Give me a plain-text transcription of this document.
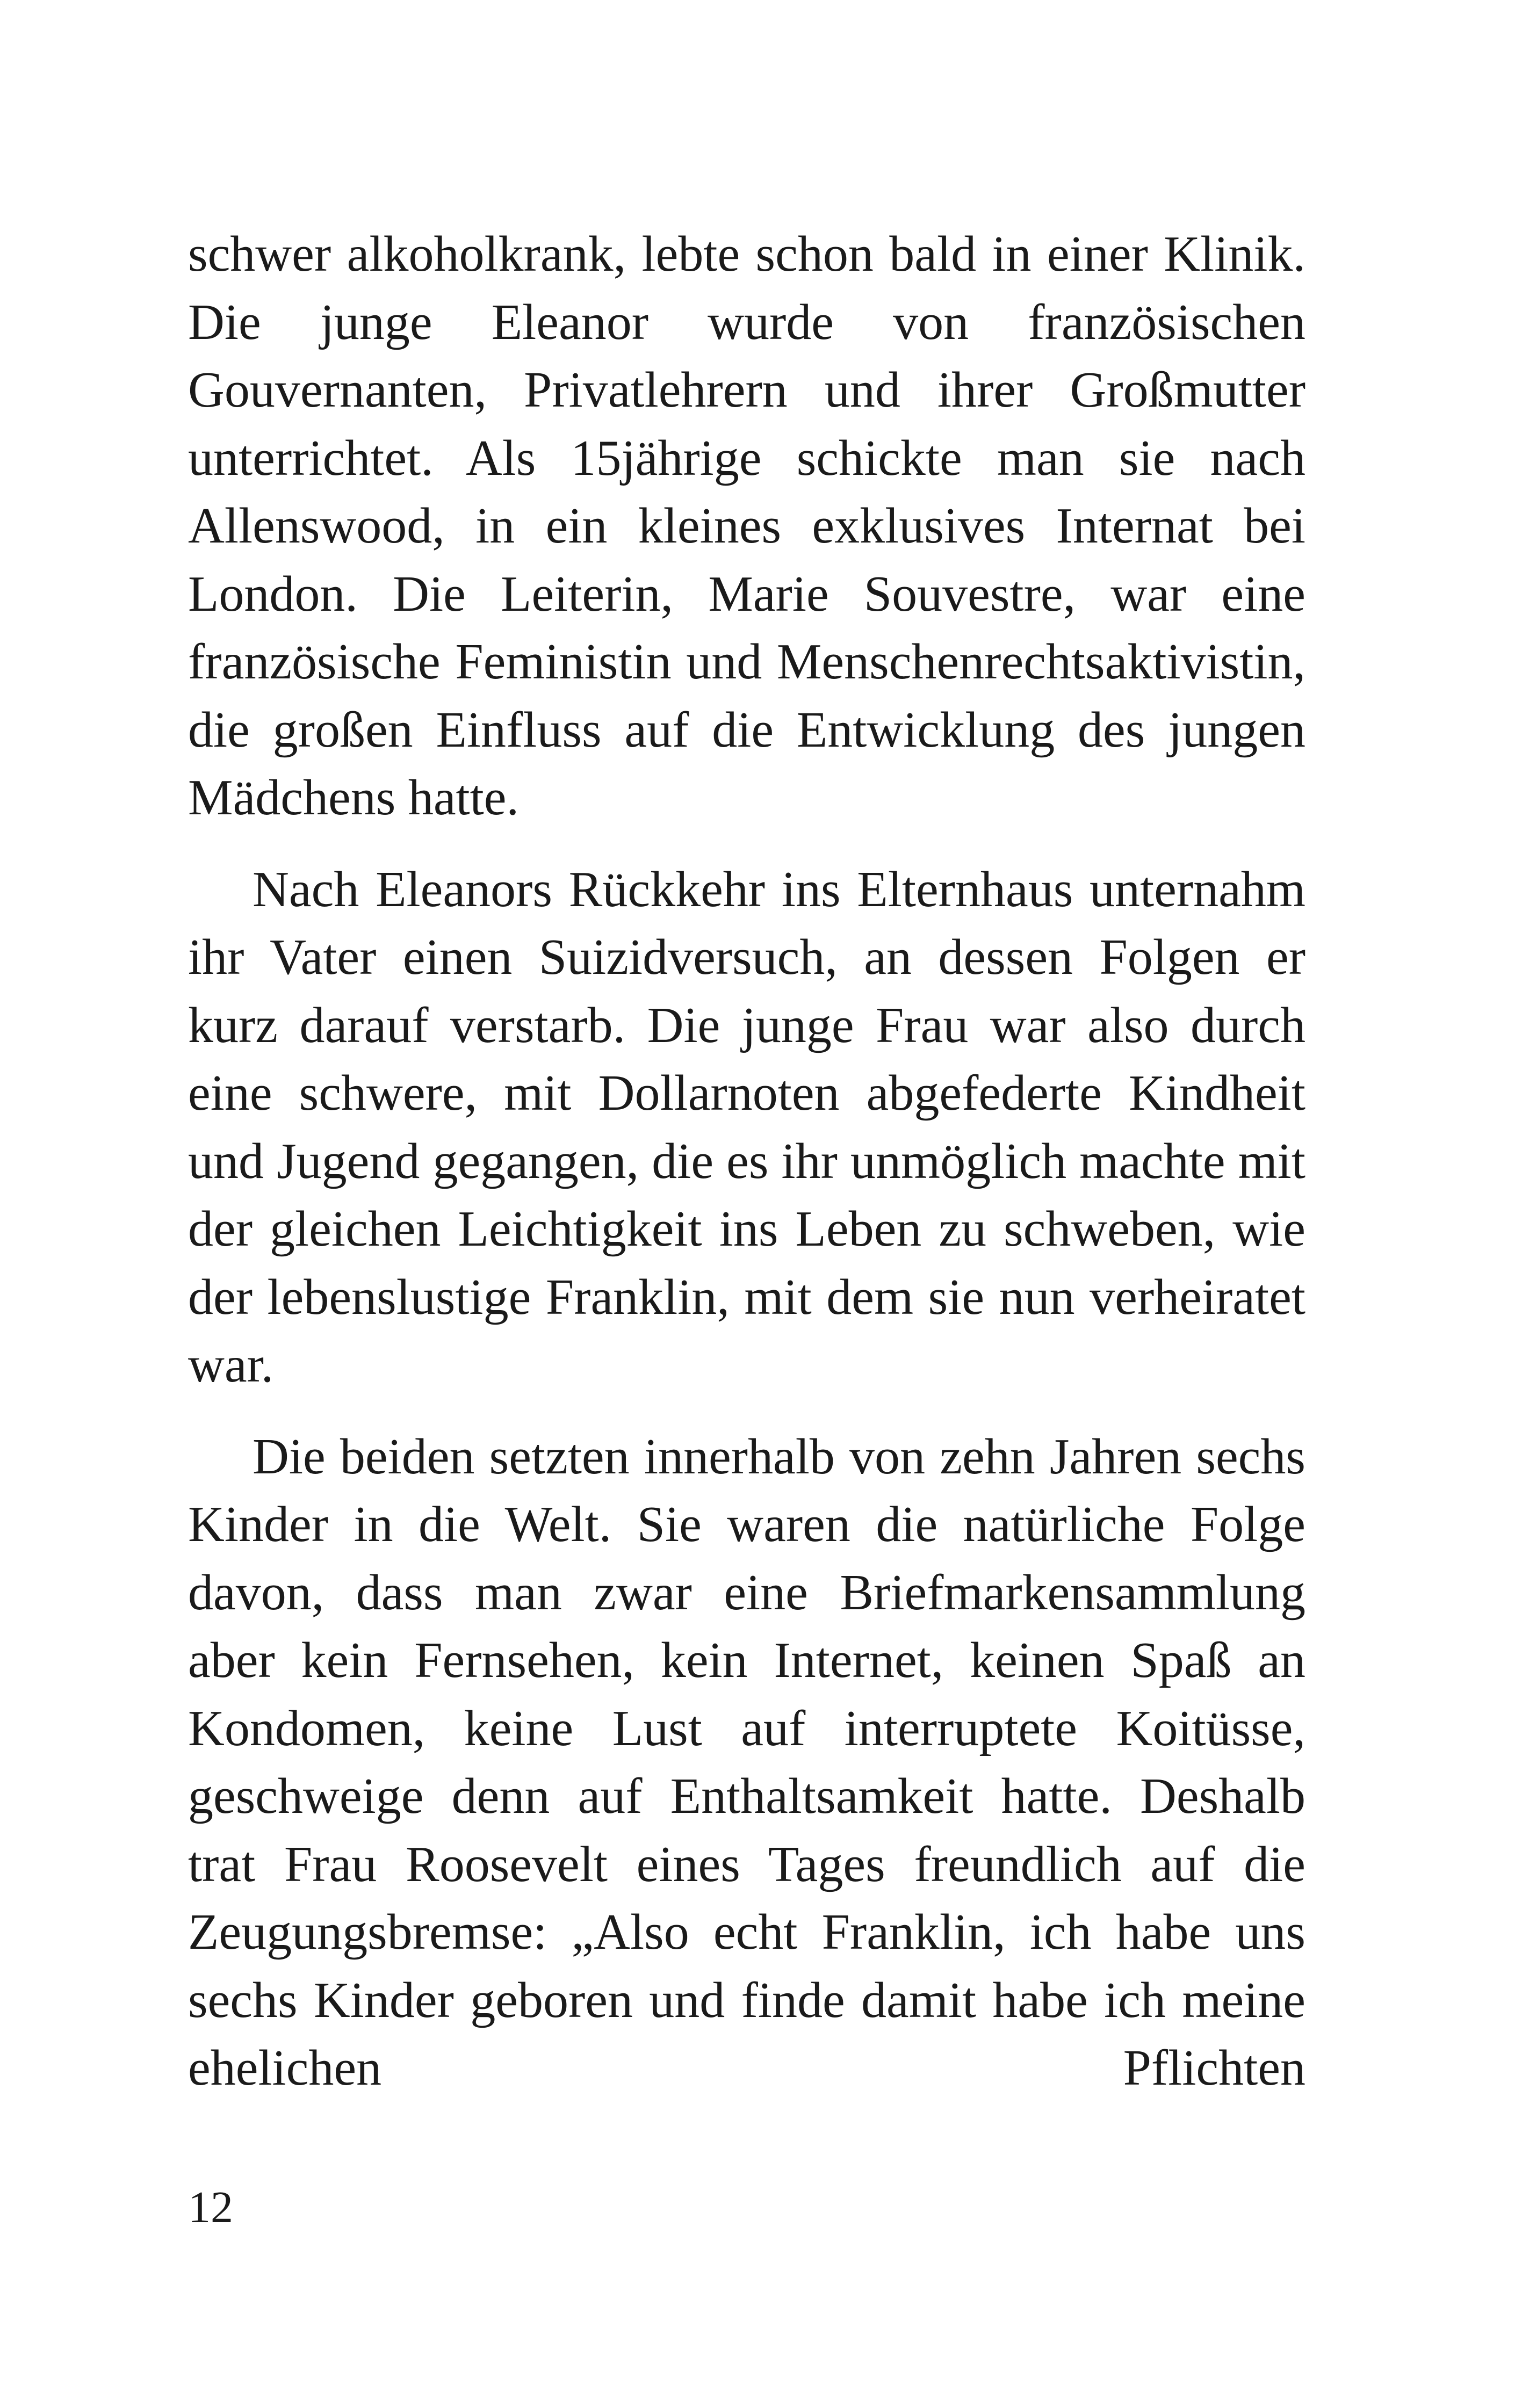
schwer alkoholkrank, lebte schon bald in einer Klinik. Die junge Eleanor wurde von französischen Gouvernanten, Privatlehrern und ihrer Großmutter unterrichtet. Als 15jährige schickte man sie nach Allenswood, in ein kleines exklusives Internat bei London. Die Leiterin, Marie Souvestre, war eine französische Feministin und Menschenrechtsaktivistin, die großen Einfluss auf die Entwicklung des jungen Mädchens hatte.

Nach Eleanors Rückkehr ins Elternhaus unternahm ihr Vater einen Suizidversuch, an dessen Folgen er kurz darauf verstarb. Die junge Frau war also durch eine schwere, mit Dollarnoten abgefederte Kindheit und Jugend gegangen, die es ihr unmöglich machte mit der gleichen Leichtigkeit ins Leben zu schweben, wie der lebenslustige Franklin, mit dem sie nun verheiratet war.

Die beiden setzten innerhalb von zehn Jahren sechs Kinder in die Welt. Sie waren die natürliche Folge davon, dass man zwar eine Briefmarkensammlung aber kein Fernsehen, kein Internet, keinen Spaß an Kondomen, keine Lust auf interruptete Koitüsse, geschweige denn auf Enthaltsamkeit hatte. Deshalb trat Frau Roosevelt eines Tages freundlich auf die Zeugungsbremse: „Also echt Franklin, ich habe uns sechs Kinder geboren und finde damit habe ich meine ehelichen Pflichten

12
